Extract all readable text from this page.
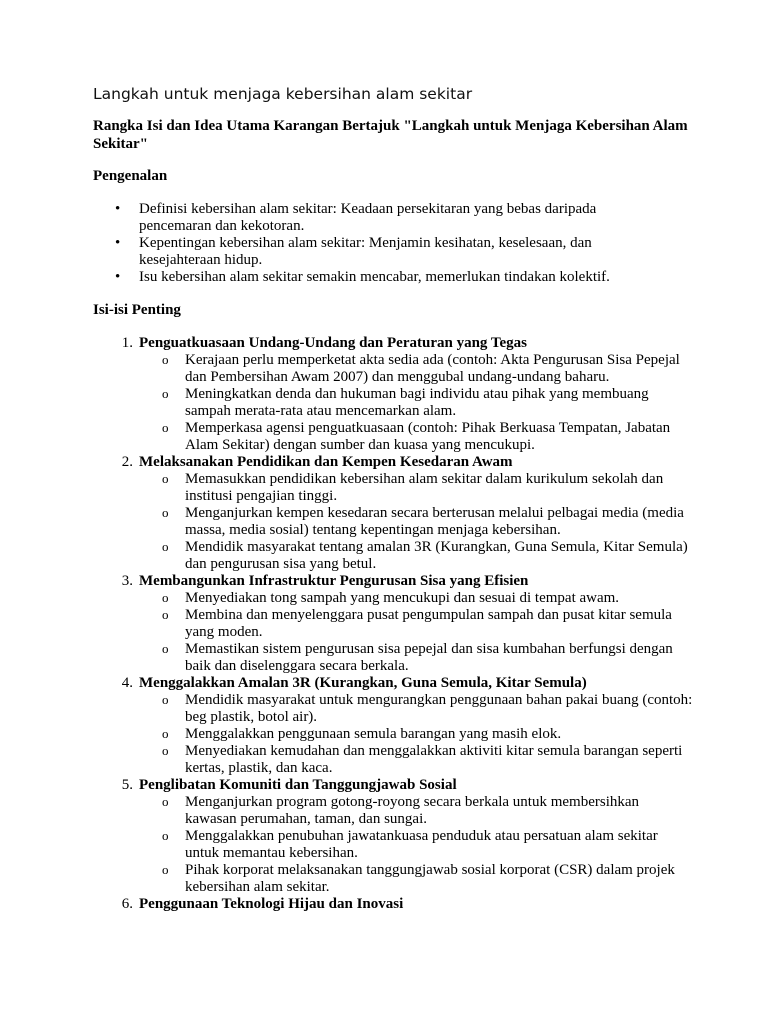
Langkah untuk menjaga kebersihan alam sekitar
Rangka Isi dan Idea Utama Karangan Bertajuk "Langkah untuk Menjaga Kebersihan Alam Sekitar"
Pengenalan
• Definisi kebersihan alam sekitar: Keadaan persekitaran yang bebas daripada pencemaran dan kekotoran.
• Kepentingan kebersihan alam sekitar: Menjamin kesihatan, keselesaan, dan kesejahteraan hidup.
• Isu kebersihan alam sekitar semakin mencabar, memerlukan tindakan kolektif.
Isi-isi Penting
1. Penguatkuasaan Undang-Undang dan Peraturan yang Tegas
o Kerajaan perlu memperketat akta sedia ada (contoh: Akta Pengurusan Sisa Pepejal dan Pembersihan Awam 2007) dan menggubal undang-undang baharu.
o Meningkatkan denda dan hukuman bagi individu atau pihak yang membuang sampah merata-rata atau mencemarkan alam.
o Memperkasa agensi penguatkuasaan (contoh: Pihak Berkuasa Tempatan, Jabatan Alam Sekitar) dengan sumber dan kuasa yang mencukupi.
2. Melaksanakan Pendidikan dan Kempen Kesedaran Awam
o Memasukkan pendidikan kebersihan alam sekitar dalam kurikulum sekolah dan institusi pengajian tinggi.
o Menganjurkan kempen kesedaran secara berterusan melalui pelbagai media (media massa, media sosial) tentang kepentingan menjaga kebersihan.
o Mendidik masyarakat tentang amalan 3R (Kurangkan, Guna Semula, Kitar Semula) dan pengurusan sisa yang betul.
3. Membangunkan Infrastruktur Pengurusan Sisa yang Efisien
o Menyediakan tong sampah yang mencukupi dan sesuai di tempat awam.
o Membina dan menyelenggara pusat pengumpulan sampah dan pusat kitar semula yang moden.
o Memastikan sistem pengurusan sisa pepejal dan sisa kumbahan berfungsi dengan baik dan diselenggara secara berkala.
4. Menggalakkan Amalan 3R (Kurangkan, Guna Semula, Kitar Semula)
o Mendidik masyarakat untuk mengurangkan penggunaan bahan pakai buang (contoh: beg plastik, botol air).
o Menggalakkan penggunaan semula barangan yang masih elok.
o Menyediakan kemudahan dan menggalakkan aktiviti kitar semula barangan seperti kertas, plastik, dan kaca.
5. Penglibatan Komuniti dan Tanggungjawab Sosial
o Menganjurkan program gotong-royong secara berkala untuk membersihkan kawasan perumahan, taman, dan sungai.
o Menggalakkan penubuhan jawatankuasa penduduk atau persatuan alam sekitar untuk memantau kebersihan.
o Pihak korporat melaksanakan tanggungjawab sosial korporat (CSR) dalam projek kebersihan alam sekitar.
6. Penggunaan Teknologi Hijau dan Inovasi
